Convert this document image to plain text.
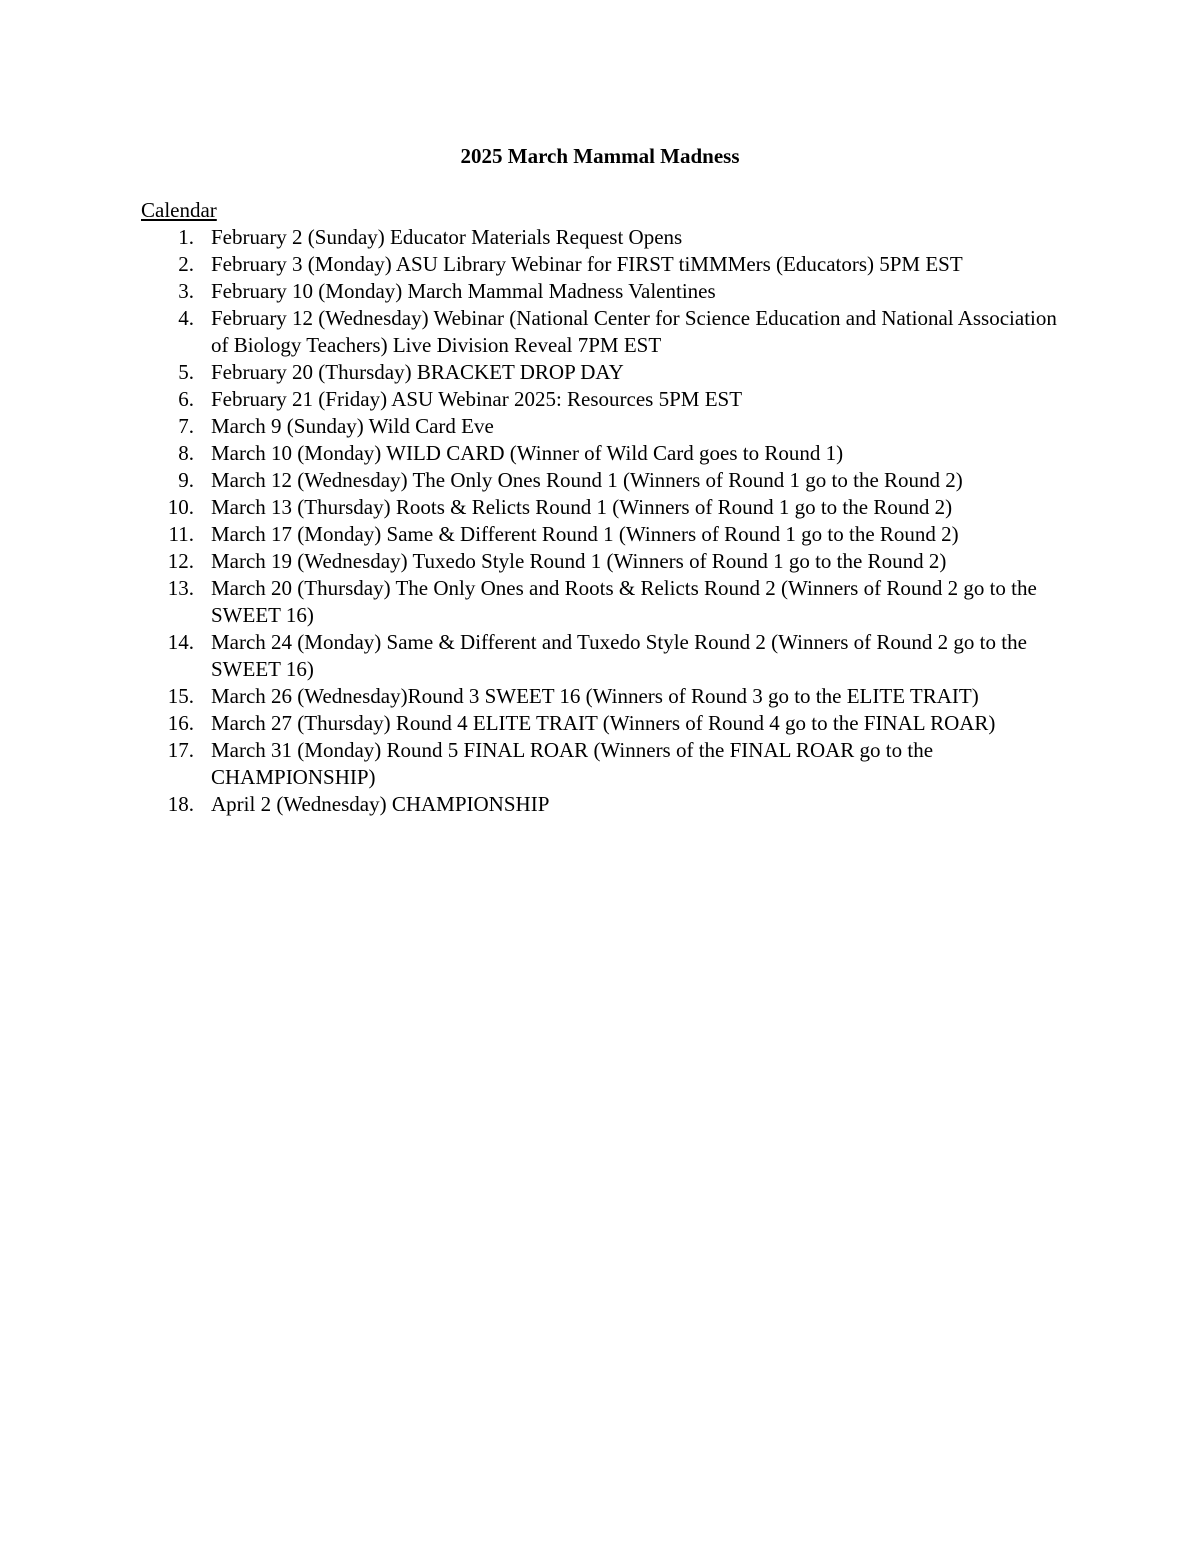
2025 March Mammal Madness
Calendar
1. February 2 (Sunday) Educator Materials Request Opens
2. February 3 (Monday) ASU Library Webinar for FIRST tiMMMers (Educators) 5PM EST
3. February 10 (Monday) March Mammal Madness Valentines
4. February 12 (Wednesday) Webinar (National Center for Science Education and National Association of Biology Teachers) Live Division Reveal 7PM EST
5. February 20 (Thursday) BRACKET DROP DAY
6. February 21 (Friday) ASU Webinar 2025: Resources 5PM EST
7. March 9 (Sunday) Wild Card Eve
8. March 10 (Monday) WILD CARD (Winner of Wild Card goes to Round 1)
9. March 12 (Wednesday) The Only Ones Round 1 (Winners of Round 1 go to the Round 2)
10. March 13 (Thursday) Roots & Relicts Round 1 (Winners of Round 1 go to the Round 2)
11. March 17 (Monday) Same & Different Round 1 (Winners of Round 1 go to the Round 2)
12. March 19 (Wednesday) Tuxedo Style Round 1 (Winners of Round 1 go to the Round 2)
13. March 20 (Thursday) The Only Ones and Roots & Relicts Round 2 (Winners of Round 2 go to the SWEET 16)
14. March 24 (Monday) Same & Different and Tuxedo Style Round 2 (Winners of Round 2 go to the SWEET 16)
15. March 26 (Wednesday)Round 3 SWEET 16 (Winners of Round 3 go to the ELITE TRAIT)
16. March 27 (Thursday) Round 4 ELITE TRAIT (Winners of Round 4 go to the FINAL ROAR)
17. March 31 (Monday) Round 5 FINAL ROAR (Winners of the FINAL ROAR go to the CHAMPIONSHIP)
18. April 2 (Wednesday) CHAMPIONSHIP
